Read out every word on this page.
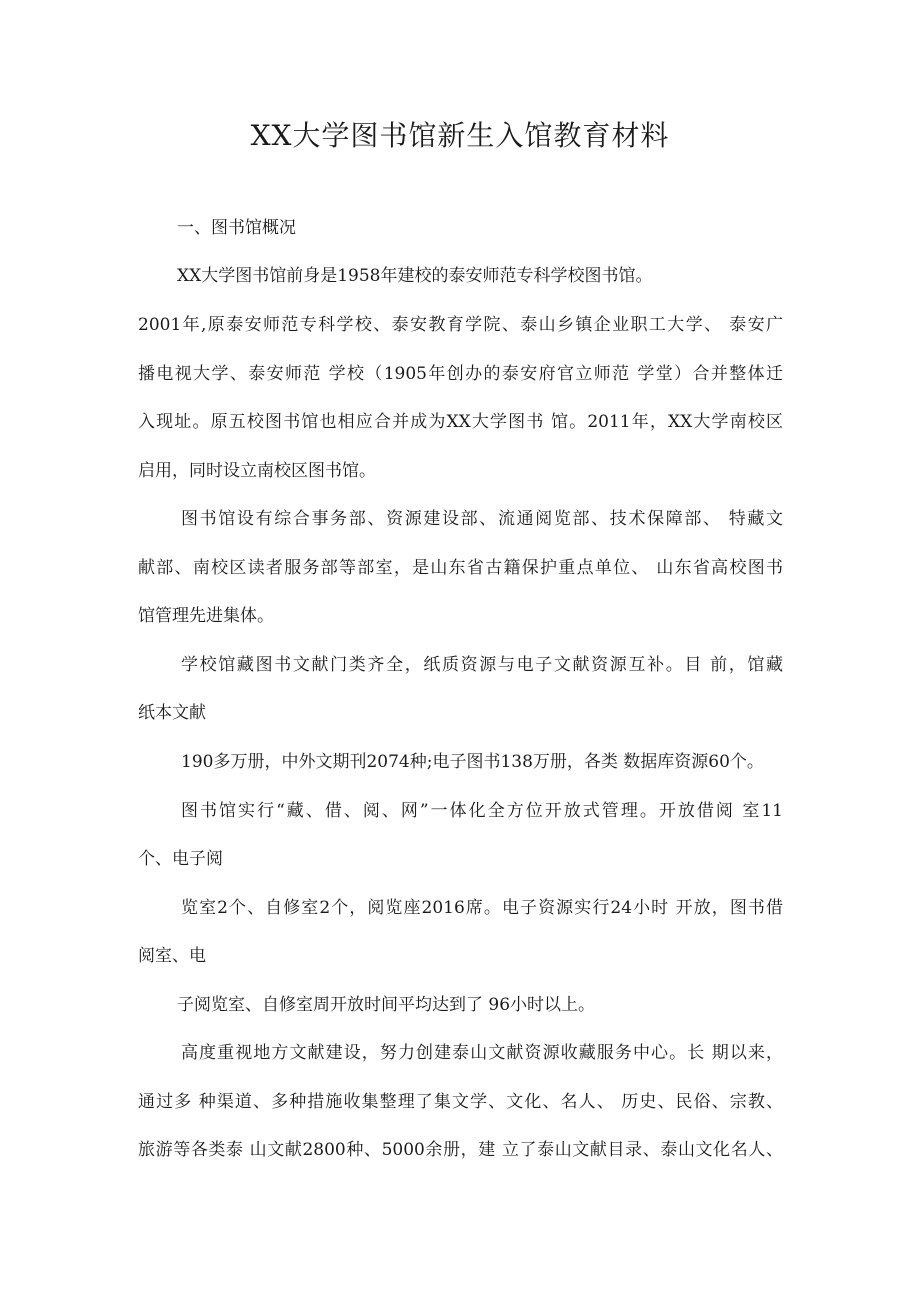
XX大学图书馆新生入馆教育材料

一、图书馆概况

XX大学图书馆前身是1958年建校的泰安师范专科学校图书馆。

2001年,原泰安师范专科学校、泰安教育学院、泰山乡镇企业职工大学、 泰安广

播电视大学、泰安师范 学校（1905年创办的泰安府官立师范 学堂）合并整体迁

入现址。原五校图书馆也相应合并成为XX大学图书 馆。2011年，XX大学南校区

启用，同时设立南校区图书馆。

图书馆设有综合事务部、资源建设部、流通阅览部、技术保障部、 特藏文

献部、南校区读者服务部等部室，是山东省古籍保护重点单位、 山东省高校图书

馆管理先进集体。

学校馆藏图书文献门类齐全，纸质资源与电子文献资源互补。目 前，馆藏

纸本文献

190多万册，中外文期刊2074种;电子图书138万册，各类 数据库资源60个。

图书馆实行“藏、借、阅、网”一体化全方位开放式管理。开放借阅 室11

个、电子阅

览室2个、自修室2个，阅览座2016席。电子资源实行24小时 开放，图书借

阅室、电

子阅览室、自修室周开放时间平均达到了 96小时以上。

高度重视地方文献建设，努力创建泰山文献资源收藏服务中心。长 期以来，

通过多 种渠道、多种措施收集整理了集文学、文化、名人、 历史、民俗、宗教、

旅游等各类泰 山文献2800种、5000余册，建 立了泰山文献目录、泰山文化名人、
